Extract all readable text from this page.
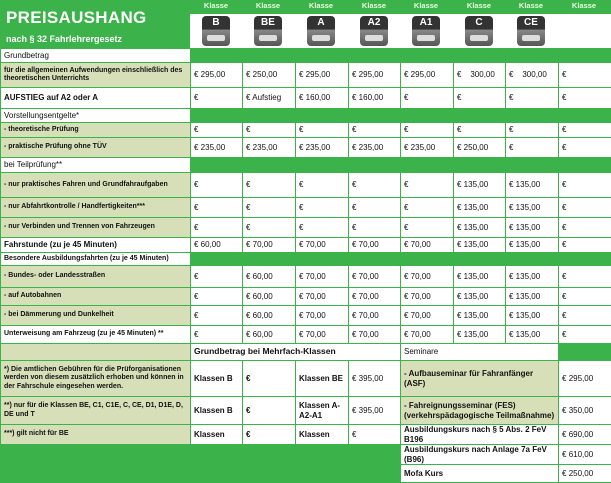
PREISAUSHANG
nach § 32 Fahrlehrergesetz
Klasse	Klasse	Klasse	Klasse	Klasse	Klasse	Klasse	Klasse
B	BE	A	A2	A1	C	CE
Grundbetrag								
für die allgemeinen Aufwendungen einschließlich des theoretischen Unterrichts	€ 295,00	€ 250,00	€ 295,00	€ 295,00	€ 295,00	€    300,00	€    300,00	€
AUFSTIEG auf A2 oder A	€	€ Aufstieg	€ 160,00	€ 160,00	€	€	€	€
Vorstellungsentgelte*								
- theoretische Prüfung	€	€	€	€	€	€	€	€
- praktische Prüfung ohne TÜV	€ 235,00	€ 235,00	€ 235,00	€ 235,00	€ 235,00	€ 250,00	€	€
bei Teilprüfung**								
- nur praktisches Fahren und Grundfahraufgaben	€	€	€	€	€	€ 135,00	€ 135,00	€
- nur Abfahrtkontrolle / Handfertigkeiten***	€	€	€	€	€	€ 135,00	€ 135,00	€
- nur Verbinden und Trennen von Fahrzeugen	€	€	€	€	€	€ 135,00	€ 135,00	€
Fahrstunde (zu je 45 Minuten)	€ 60,00	€ 70,00	€ 70,00	€ 70,00	€ 70,00	€ 135,00	€ 135,00	€
Besondere Ausbildungsfahrten (zu je 45 Minuten)								
- Bundes- oder Landesstraßen	€	€ 60,00	€ 70,00	€ 70,00	€ 70,00	€ 135,00	€ 135,00	€
- auf Autobahnen	€	€ 60,00	€ 70,00	€ 70,00	€ 70,00	€ 135,00	€ 135,00	€
- bei Dämmerung und Dunkelheit	€	€ 60,00	€ 70,00	€ 70,00	€ 70,00	€ 135,00	€ 135,00	€
Unterweisung am Fahrzeug (zu je 45 Minuten) **	€	€ 60,00	€ 70,00	€ 70,00	€ 70,00	€ 135,00	€ 135,00	€
	Grundbetrag bei Mehrfach-Klassen				Seminare	
*) Die amtlichen Gebühren für die Prüforganisationen werden von diesem zusätzlich erhoben und können in der Fahrschule eingesehen werden.	Klassen B	€	Klassen BE	€ 395,00	- Aufbauseminar für Fahranfänger (ASF)	€ 295,00
**) nur für die Klassen BE, C1, C1E, C, CE, D1, D1E, D, DE und T	Klassen B	€	Klassen A-A2-A1	€ 395,00	- Fahreignungsseminar (FES) (verkehrspädagogische Teilmaßnahme)	€ 350,00
***) gilt nicht für BE	Klassen	€	Klassen	€	Ausbildungskurs nach § 5 Abs. 2 FeV B196	€ 690,00
					Ausbildungskurs nach Anlage 7a FeV (B96)	€ 610,00
					Mofa Kurs	€ 250,00
